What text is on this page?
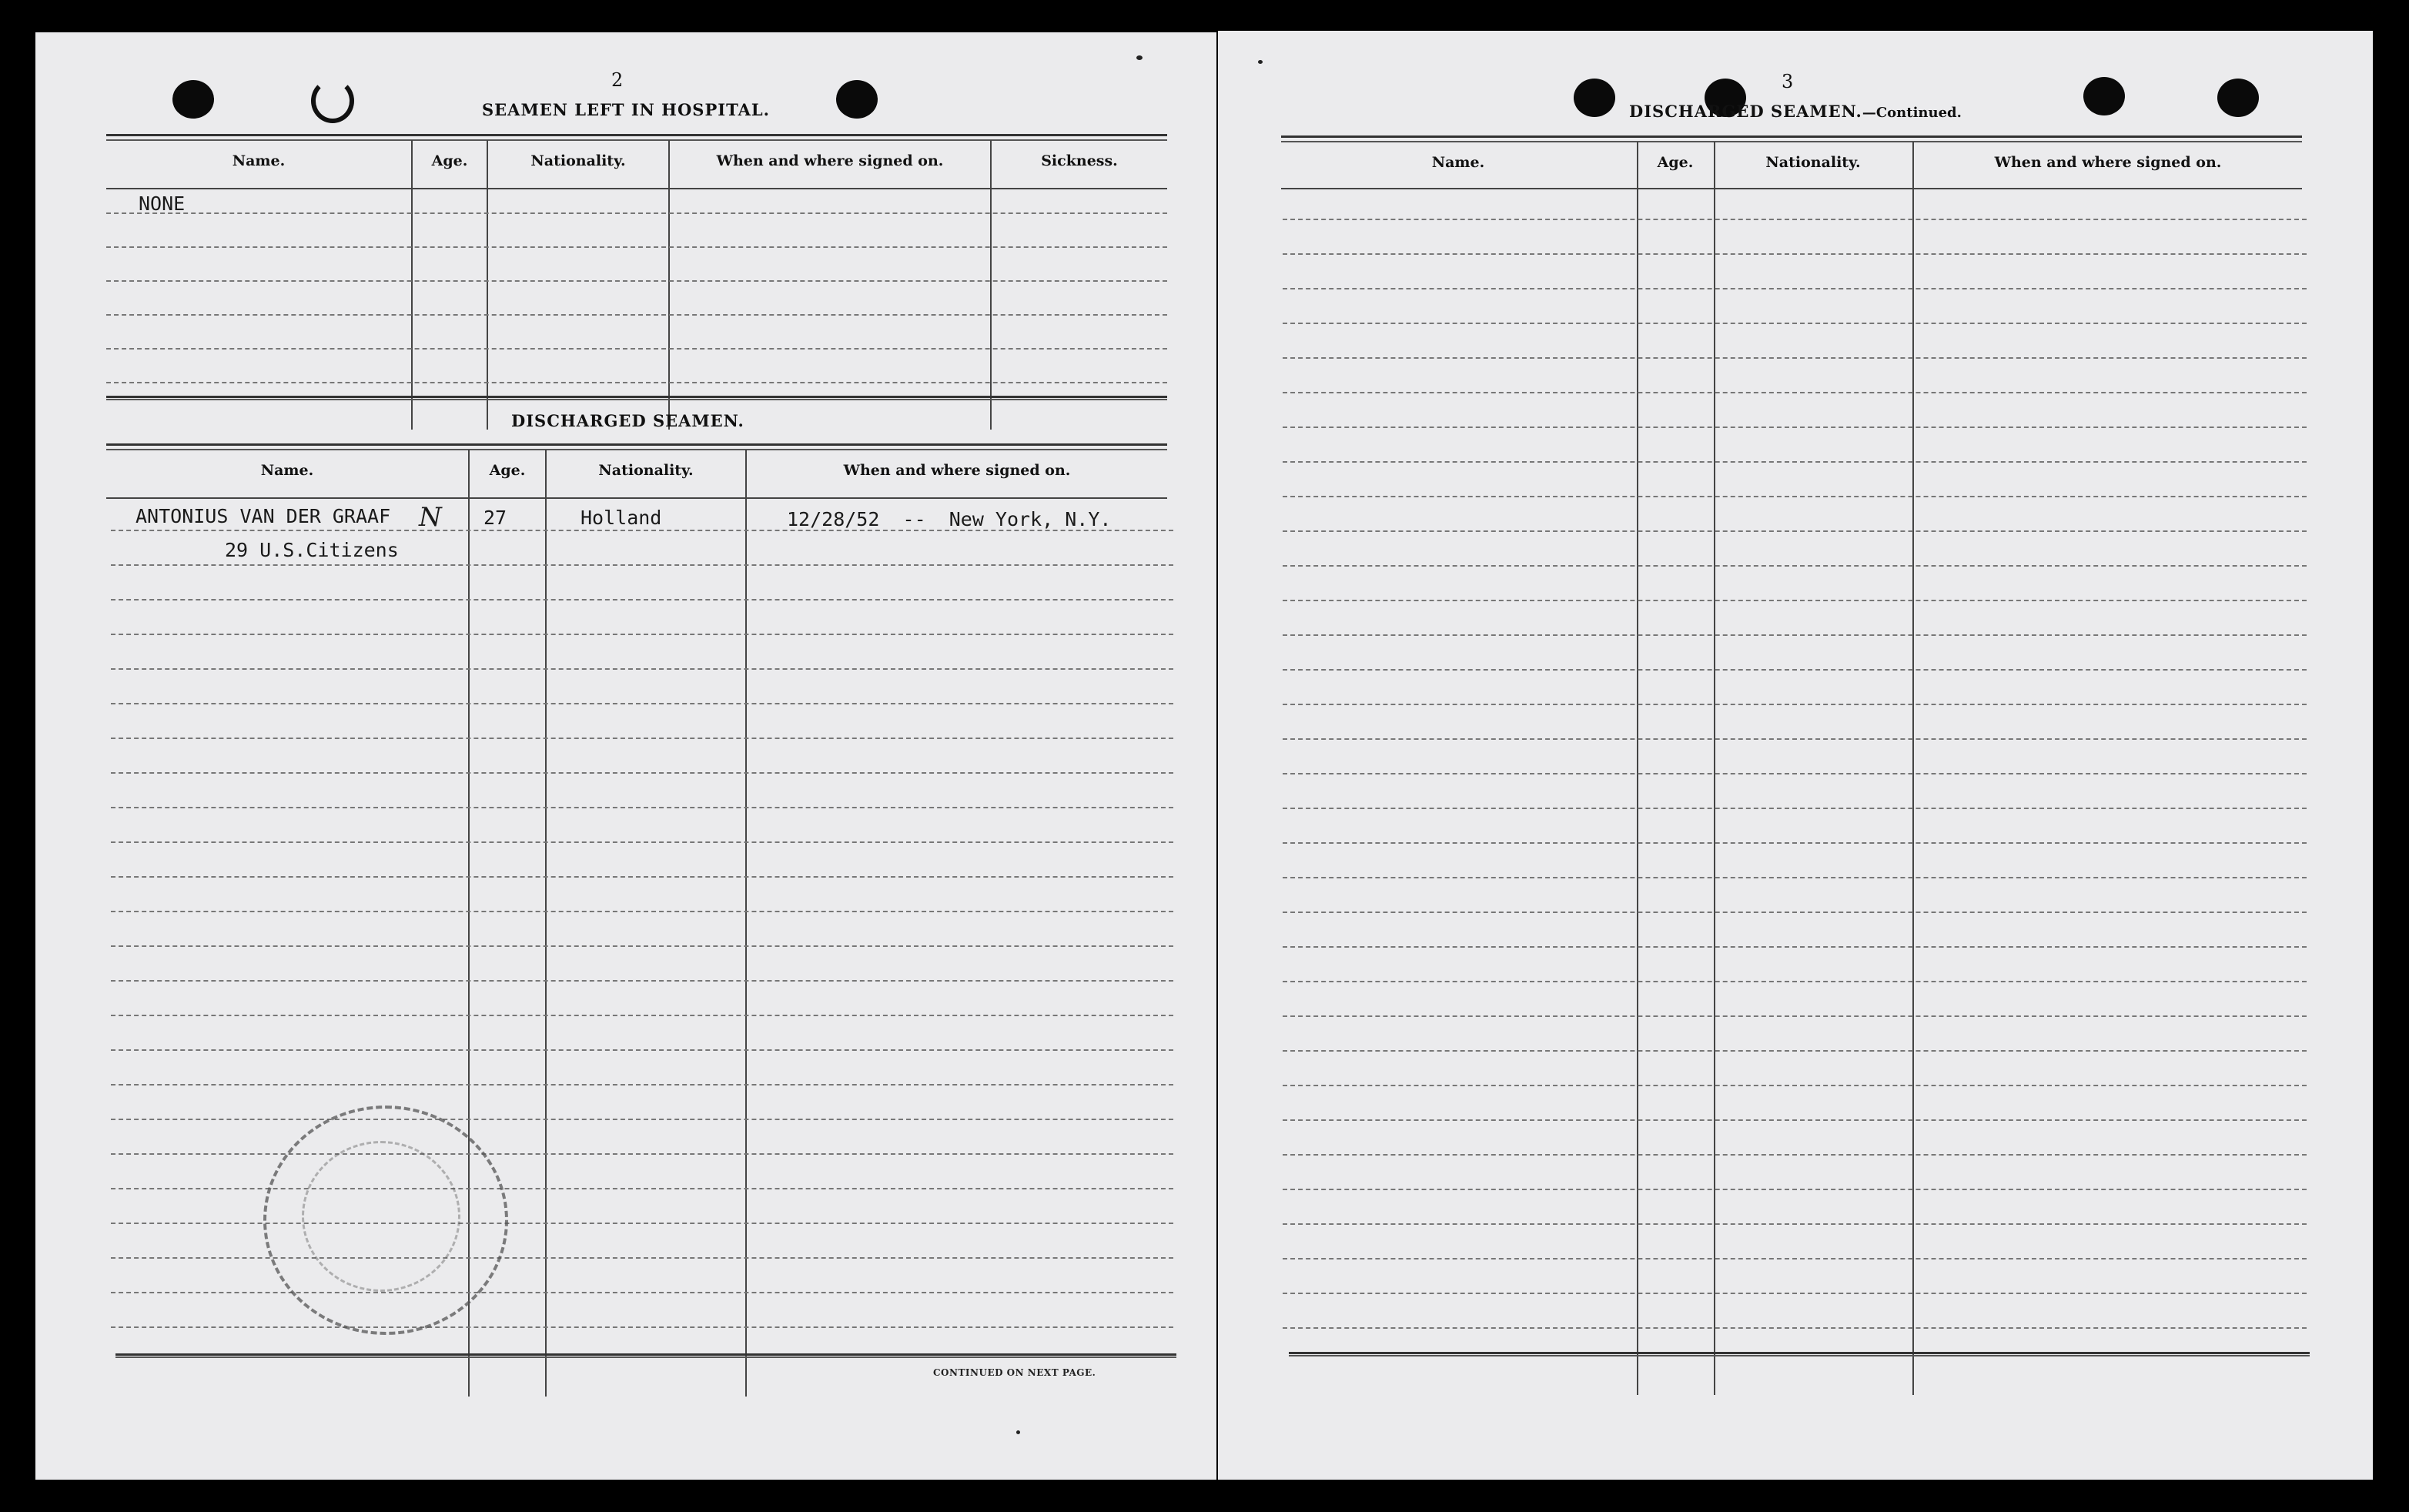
2
SEAMEN LEFT IN HOSPITAL.
Name.	Age.	Nationality.	When and where signed on.	Sickness.
NONE
DISCHARGED SEAMEN.
Name.	Age.	Nationality.	When and where signed on.
ANTONIUS VAN DER GRAAF N 27	Holland	12/28/52  --  New York, N.Y.
29 U.S.Citizens
CONTINUED ON NEXT PAGE.
3
DISCHARGED SEAMEN.—Continued.
Name.	Age.	Nationality.	When and where signed on.
